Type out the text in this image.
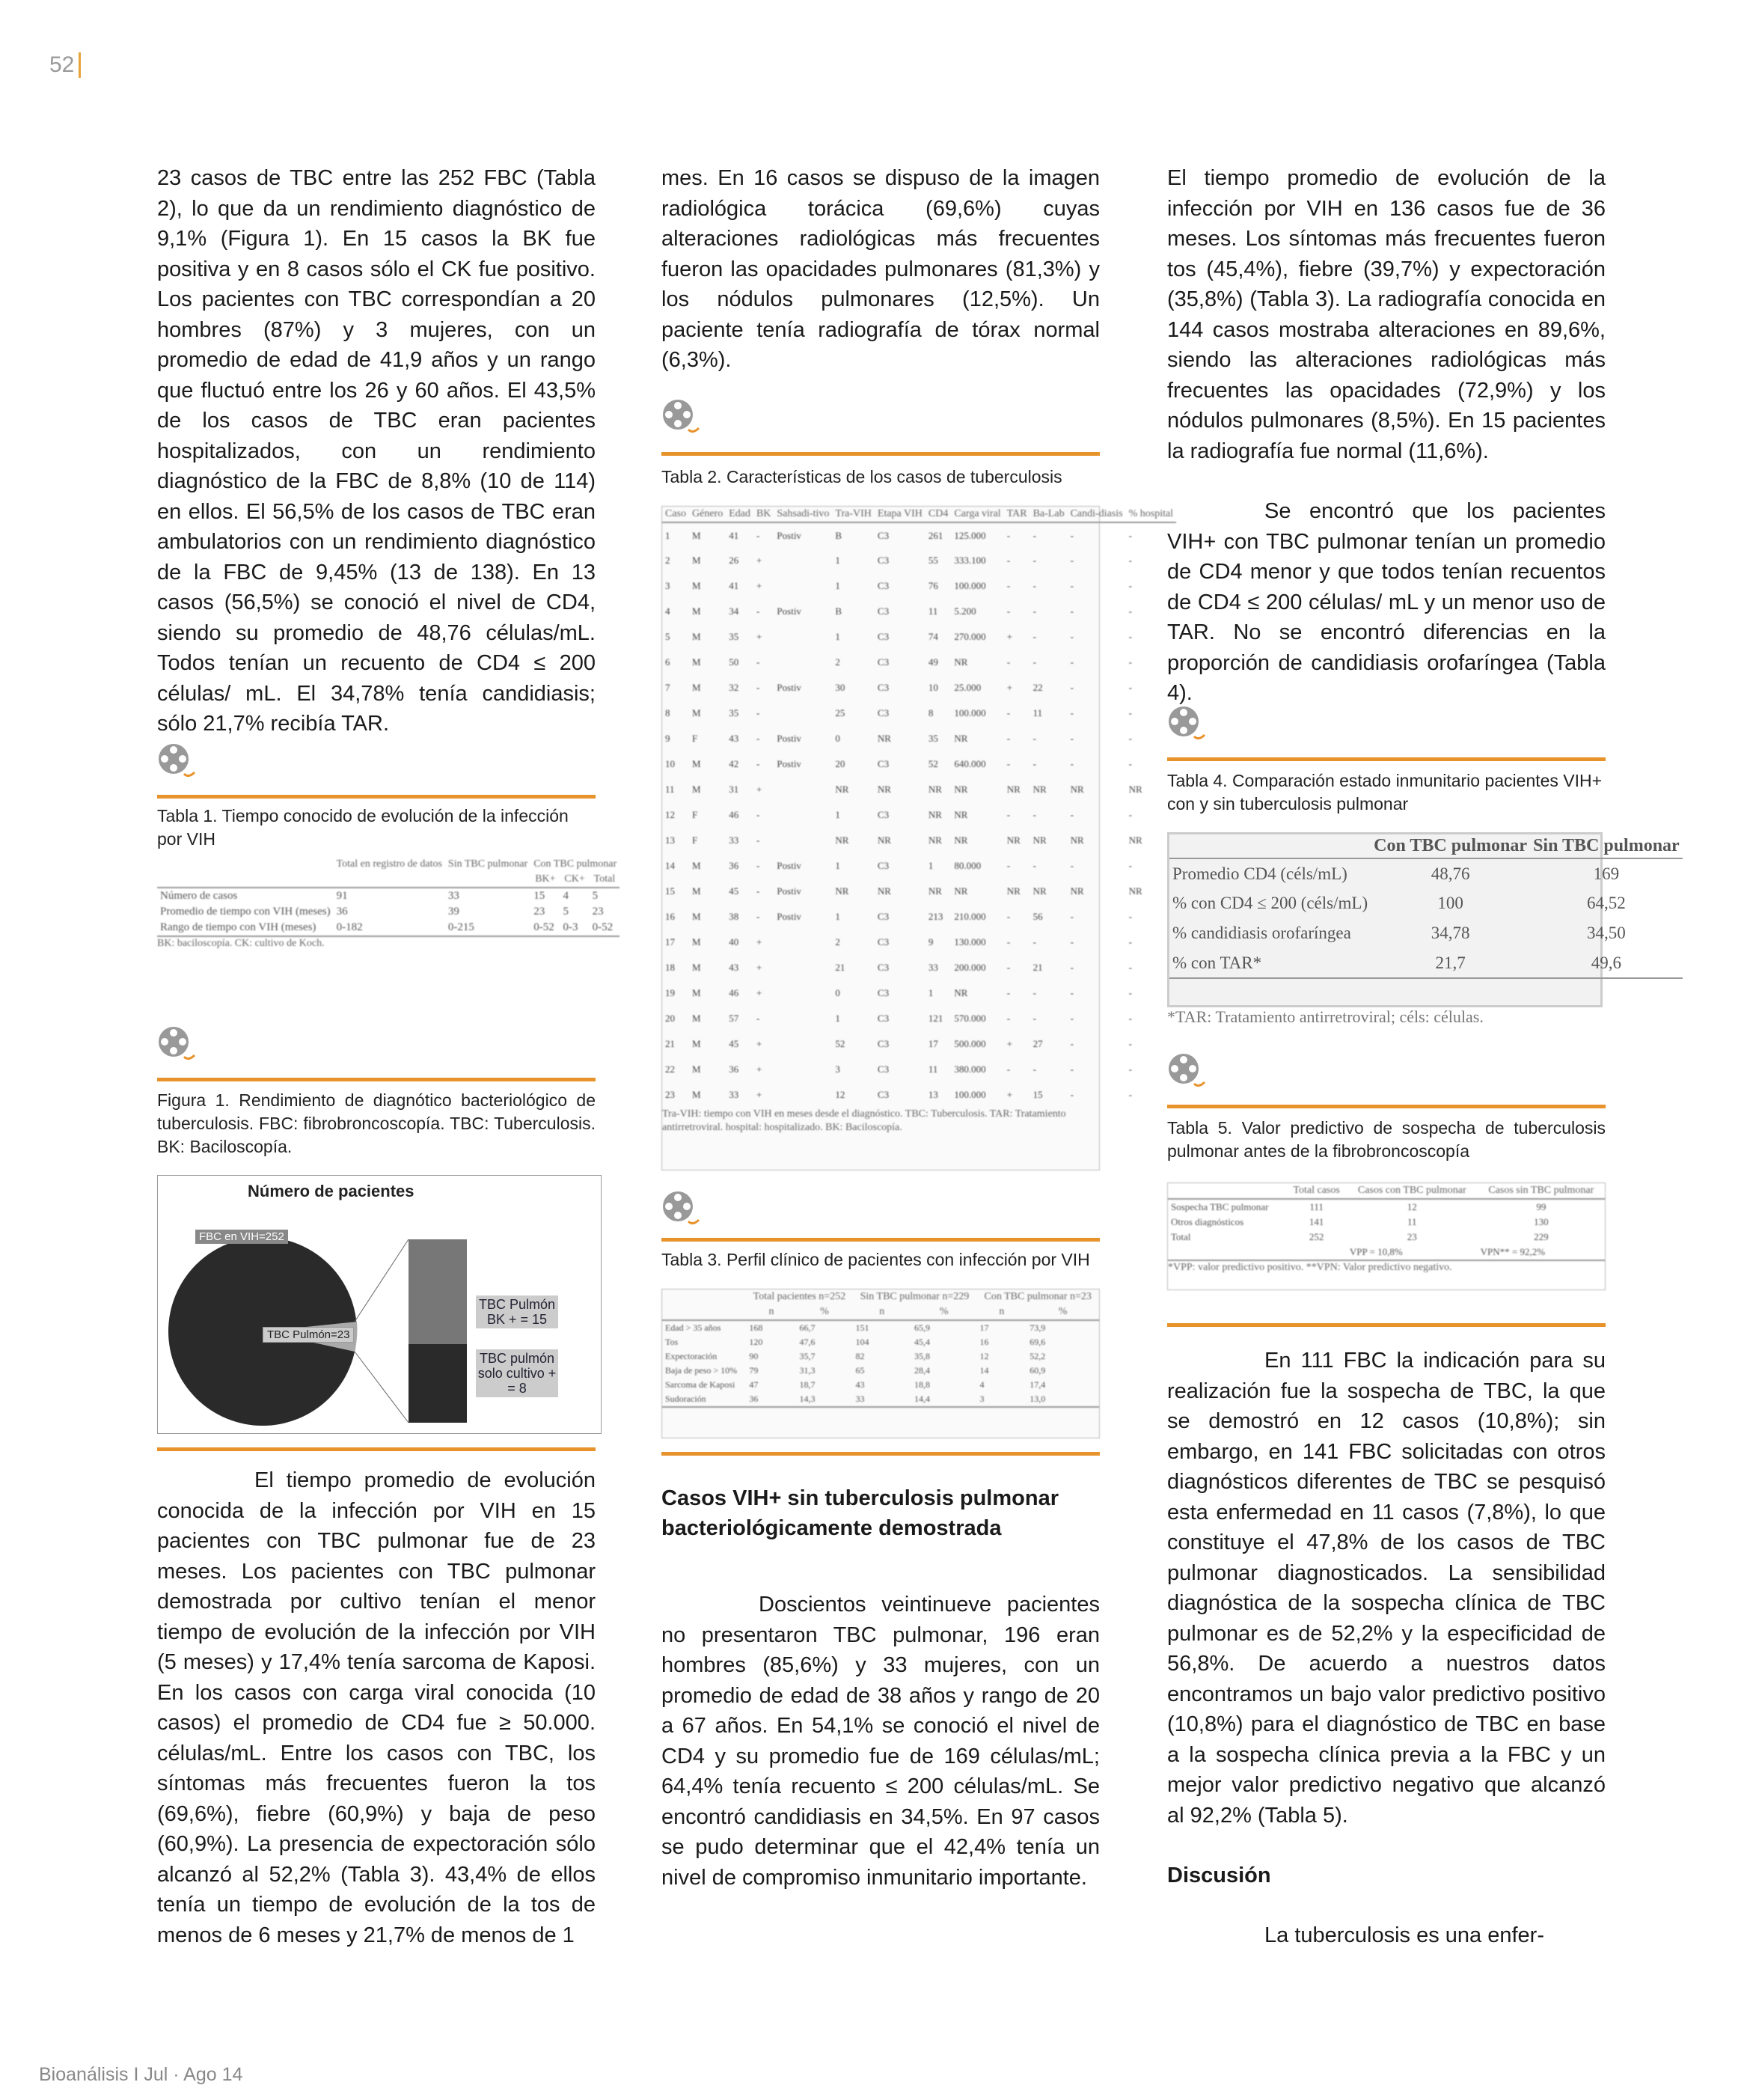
52

23 casos de TBC entre las 252 FBC (Tabla 2), lo que da un rendimiento diagnóstico de 9,1% (Figura 1). En 15 casos la BK fue positiva y en 8 casos sólo el CK fue positivo. Los pacientes con TBC correspondían a 20 hombres (87%) y 3 mujeres, con un promedio de edad de 41,9 años y un rango que fluctuó entre los 26 y 60 años. El 43,5% de los casos de TBC eran pacientes hospitalizados, con un rendimiento diagnóstico de la FBC de 8,8% (10 de 114) en ellos. El 56,5% de los casos de TBC eran ambulatorios con un rendimiento diagnóstico de la FBC de 9,45% (13 de 138). En 13 casos (56,5%) se conoció el nivel de CD4, siendo su promedio de 48,76 células/mL. Todos tenían un recuento de CD4 ≤ 200 células/ mL. El 34,78% tenía candidiasis; sólo 21,7% recibía TAR.

Tabla 1. Tiempo conocido de evolución de la infección por VIH
	Total en registro de datos	Sin TBC pulmonar	Con TBC pulmonar		
			BK+	CK+	Total
Número de casos	91	33	15	4	5
Promedio de tiempo con VIH (meses)	36	39	23	5	23
Rango de tiempo con VIH (meses)	0-182	0-215	0-52	0-3	0-52
BK: baciloscopía. CK: cultivo de Koch.
Figura 1. Rendimiento de diagnótico bacteriológico de tuberculosis. FBC: fibrobroncoscopía. TBC: Tuberculosis. BK: Baciloscopía.
Número de pacientes
FBC en VIH=252
TBC Pulmón=23
TBC Pulmón BK + = 15
TBC pulmón solo cultivo + = 8

El tiempo promedio de evolución conocida de la infección por VIH en 15 pacientes con TBC pulmonar fue de 23 meses. Los pacientes con TBC pulmonar demostrada por cultivo tenían el menor tiempo de evolución de la infección por VIH (5 meses) y 17,4% tenía sarcoma de Kaposi. En los casos con carga viral conocida (10 casos) el promedio de CD4 fue ≥ 50.000. células/mL. Entre los casos con TBC, los síntomas más frecuentes fueron la tos (69,6%), fiebre (60,9%) y baja de peso (60,9%). La presencia de expectoración sólo alcanzó al 52,2% (Tabla 3). 43,4% de ellos tenía un tiempo de evolución de la tos de menos de 6 meses y 21,7% de menos de 1

mes. En 16 casos se dispuso de la imagen radiológica torácica (69,6%) cuyas alteraciones radiológicas más frecuentes fueron las opacidades pulmonares (81,3%) y los nódulos pulmonares (12,5%). Un paciente tenía radiografía de tórax normal (6,3%).

Tabla 2. Características de los casos de tuberculosis
Caso	Género	Edad	BK	Sahsadi-tivo	Tra-VIH	Etapa VIH	CD4	Carga viral	TAR	Ba-Lab	Candi-diasis	% hospital
1	M	41	-	Postiv	B	C3	261	125.000	-	-	-	-
2	M	26	+		1	C3	55	333.100	-	-	-	-
3	M	41	+		1	C3	76	100.000	-	-	-	-
4	M	34	-	Postiv	B	C3	11	5.200	-	-	-	-
5	M	35	+		1	C3	74	270.000	+	-	-	-
6	M	50	-		2	C3	49	NR	-	-	-	-
7	M	32	-	Postiv	30	C3	10	25.000	+	22	-	-
8	M	35	-		25	C3	8	100.000	-	11	-	-
9	F	43	-	Postiv	0	NR	35	NR	-	-	-	-
10	M	42	-	Postiv	20	C3	52	640.000	-	-	-	-
11	M	31	+		NR	NR	NR	NR	NR	NR	NR	NR
12	F	46	-		1	C3	NR	NR	-	-	-	-
13	F	33	-		NR	NR	NR	NR	NR	NR	NR	NR
14	M	36	-	Postiv	1	C3	1	80.000	-	-	-	-
15	M	45	-	Postiv	NR	NR	NR	NR	NR	NR	NR	NR
16	M	38	-	Postiv	1	C3	213	210.000	-	56	-	-
17	M	40	+		2	C3	9	130.000	-	-	-	-
18	M	43	+		21	C3	33	200.000	-	21	-	-
19	M	46	+		0	C3	1	NR	-	-	-	-
20	M	57	-		1	C3	121	570.000	-	-	-	-
21	M	45	+		52	C3	17	500.000	+	27	-	-
22	M	36	+		3	C3	11	380.000	-	-	-	-
23	M	33	+		12	C3	13	100.000	+	15	-	-
Tra-VIH: tiempo con VIH en meses desde el diagnóstico. TBC: Tuberculosis. TAR: Tratamiento antirretroviral. hospital: hospitalizado. BK: Baciloscopía.
Tabla 3. Perfil clínico de pacientes con infección por VIH
	Total pacientes n=252		Sin TBC pulmonar n=229		Con TBC pulmonar n=23	
	n	%	n	%	n	%
Edad > 35 años	168	66,7	151	65,9	17	73,9
Tos	120	47,6	104	45,4	16	69,6
Expectoración	90	35,7	82	35,8	12	52,2
Baja de peso > 10%	79	31,3	65	28,4	14	60,9
Sarcoma de Kaposi	47	18,7	43	18,8	4	17,4
Sudoración	36	14,3	33	14,4	3	13,0

Casos VIH+ sin tuberculosis pulmonar bacteriológicamente demostrada

Doscientos veintinueve pacientes no presentaron TBC pulmonar, 196 eran hombres (85,6%) y 33 mujeres, con un promedio de edad de 38 años y rango de 20 a 67 años. En 54,1% se conoció el nivel de CD4 y su promedio fue de 169 células/mL; 64,4% tenía recuento ≤ 200 células/mL. Se encontró candidiasis en 34,5%. En 97 casos se pudo determinar que el 42,4% tenía un nivel de compromiso inmunitario importante.

El tiempo promedio de evolución de la infección por VIH en 136 casos fue de 36 meses. Los síntomas más frecuentes fueron tos (45,4%), fiebre (39,7%) y expectoración (35,8%) (Tabla 3). La radiografía conocida en 144 casos mostraba alteraciones en 89,6%, siendo las alteraciones radiológicas más frecuentes las opacidades (72,9%) y los nódulos pulmonares (8,5%). En 15 pacientes la radiografía fue normal (11,6%).

Se encontró que los pacientes VIH+ con TBC pulmonar tenían un promedio de CD4 menor y que todos tenían recuentos de CD4 ≤ 200 células/ mL y un menor uso de TAR. No se encontró diferencias en la proporción de candidiasis orofaríngea (Tabla 4).

Tabla 4. Comparación estado inmunitario pacientes VIH+ con y sin tuberculosis pulmonar
	Con TBC pulmonar	Sin TBC pulmonar
Promedio CD4 (céls/mL)	48,76	169
% con CD4 ≤ 200 (céls/mL)	100	64,52
% candidiasis orofaríngea	34,78	34,50
% con TAR*	21,7	49,6
*TAR: Tratamiento antirretroviral; céls: células.
Tabla 5. Valor predictivo de sospecha de tuberculosis pulmonar antes de la fibrobroncoscopía
	Total casos	Casos con TBC pulmonar	Casos sin TBC pulmonar
Sospecha TBC pulmonar	111	12	99
Otros diagnósticos	141	11	130
Total	252	23	229
		VPP = 10,8%	VPN** = 92,2%
*VPP: valor predictivo positivo. **VPN: Valor predictivo negativo.

En 111 FBC la indicación para su realización fue la sospecha de TBC, la que se demostró en 12 casos (10,8%); sin embargo, en 141 FBC solicitadas con otros diagnósticos diferentes de TBC se pesquisó esta enfermedad en 11 casos (7,8%), lo que constituye el 47,8% de los casos de TBC pulmonar diagnosticados. La sensibilidad diagnóstica de la sospecha clínica de TBC pulmonar es de 52,2% y la especificidad de 56,8%. De acuerdo a nuestros datos encontramos un bajo valor predictivo positivo (10,8%) para el diagnóstico de TBC en base a la sospecha clínica previa a la FBC y un mejor valor predictivo negativo que alcanzó al 92,2% (Tabla 5).

Discusión

La tuberculosis es una enfer-

Bioanálisis I Jul · Ago 14
